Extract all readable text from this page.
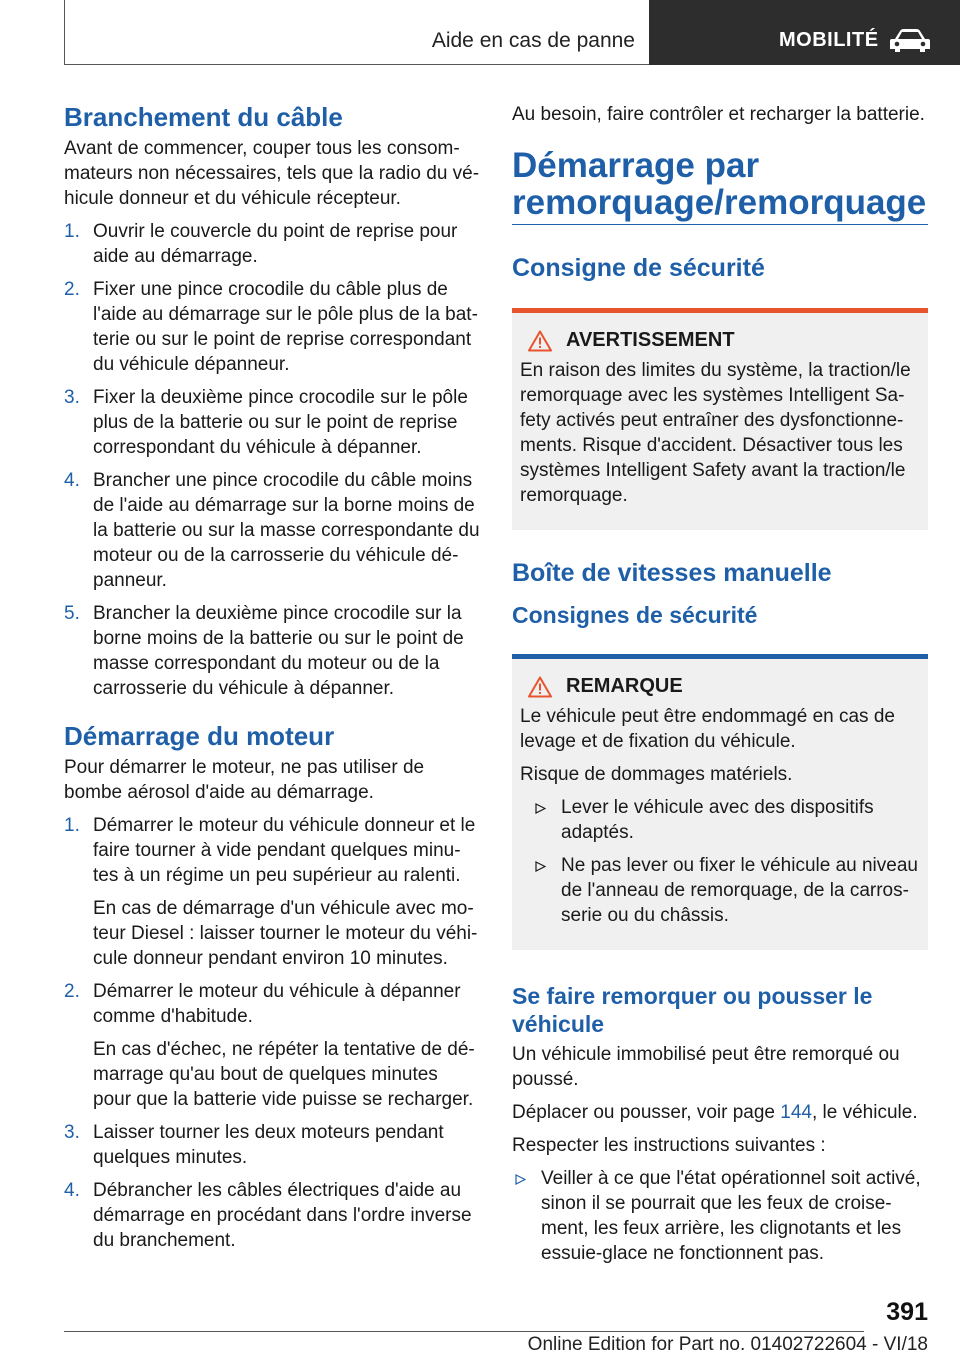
Aide en cas de panne	MOBILITÉ
Branchement du câble

Avant de commencer, couper tous les consom-mateurs non nécessaires, tels que la radio du vé-hicule donneur et du véhicule récepteur.

1. Ouvrir le couvercle du point de reprise pour aide au démarrage.
2. Fixer une pince crocodile du câble plus de l'aide au démarrage sur le pôle plus de la bat-terie ou sur le point de reprise correspondant du véhicule dépanneur.
3. Fixer la deuxième pince crocodile sur le pôle plus de la batterie ou sur le point de reprise correspondant du véhicule à dépanner.
4. Brancher une pince crocodile du câble moins de l'aide au démarrage sur la borne moins de la batterie ou sur la masse correspondante du moteur ou de la carrosserie du véhicule dé-panneur.
5. Brancher la deuxième pince crocodile sur la borne moins de la batterie ou sur le point de masse correspondant du moteur ou de la carrosserie du véhicule à dépanner.
Démarrage du moteur

Pour démarrer le moteur, ne pas utiliser de bombe aérosol d'aide au démarrage.

1. Démarrer le moteur du véhicule donneur et le faire tourner à vide pendant quelques minu-tes à un régime un peu supérieur au ralenti.
En cas de démarrage d'un véhicule avec mo-teur Diesel : laisser tourner le moteur du véhi-cule donneur pendant environ 10 minutes.
2. Démarrer le moteur du véhicule à dépanner comme d'habitude.
En cas d'échec, ne répéter la tentative de dé-marrage qu'au bout de quelques minutes pour que la batterie vide puisse se recharger.
3. Laisser tourner les deux moteurs pendant quelques minutes.
4. Débrancher les câbles électriques d'aide au démarrage en procédant dans l'ordre inverse du branchement.

Au besoin, faire contrôler et recharger la batterie.

Démarrage par remorquage/remorquage
Consigne de sécurité
AVERTISSEMENT

En raison des limites du système, la traction/le remorquage avec les systèmes Intelligent Sa-fety activés peut entraîner des dysfonctionne-ments. Risque d'accident. Désactiver tous les systèmes Intelligent Safety avant la traction/le remorquage.

Boîte de vitesses manuelle
Consignes de sécurité
REMARQUE

Le véhicule peut être endommagé en cas de levage et de fixation du véhicule.

Risque de dommages matériels.

Lever le véhicule avec des dispositifs adaptés.
Ne pas lever ou fixer le véhicule au niveau de l'anneau de remorquage, de la carros-serie ou du châssis.
Se faire remorquer ou pousser le véhicule

Un véhicule immobilisé peut être remorqué ou poussé.

Déplacer ou pousser, voir page 144, le véhicule.

Respecter les instructions suivantes :

Veiller à ce que l'état opérationnel soit activé, sinon il se pourrait que les feux de croise-ment, les feux arrière, les clignotants et les essuie-glace ne fonctionnent pas.
391
Online Edition for Part no. 01402722604 - VI/18
